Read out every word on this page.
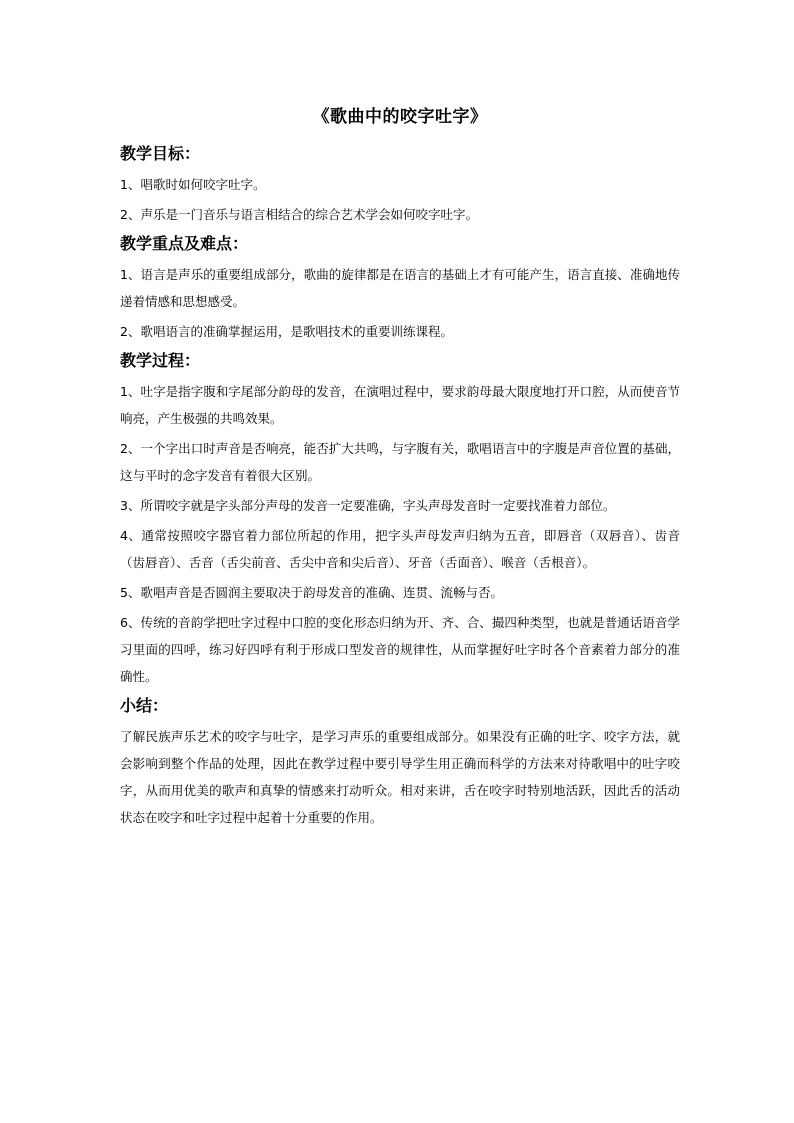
《歌曲中的咬字吐字》
教学目标：

1、唱歌时如何咬字吐字。

2、声乐是一门音乐与语言相结合的综合艺术学会如何咬字吐字。

教学重点及难点：

1、语言是声乐的重要组成部分，歌曲的旋律都是在语言的基础上才有可能产生，语言直接、准确地传递着情感和思想感受。

2、歌唱语言的准确掌握运用，是歌唱技术的重要训练课程。

教学过程：

1、吐字是指字腹和字尾部分韵母的发音，在演唱过程中，要求韵母最大限度地打开口腔，从而使音节响亮，产生极强的共鸣效果。

2、一个字出口时声音是否响亮，能否扩大共鸣，与字腹有关，歌唱语言中的字腹是声音位置的基础，这与平时的念字发音有着很大区别。

3、所谓咬字就是字头部分声母的发音一定要准确，字头声母发音时一定要找准着力部位。

4、通常按照咬字器官着力部位所起的作用，把字头声母发声归纳为五音，即唇音（双唇音）、齿音（齿唇音）、舌音（舌尖前音、舌尖中音和尖后音）、牙音（舌面音）、喉音（舌根音）。

5、歌唱声音是否圆润主要取决于韵母发音的准确、连贯、流畅与否。

6、传统的音韵学把吐字过程中口腔的变化形态归纳为开、齐、合、撮四种类型，也就是普通话语音学习里面的四呼，练习好四呼有利于形成口型发音的规律性，从而掌握好吐字时各个音素着力部分的准确性。

小结：

了解民族声乐艺术的咬字与吐字，是学习声乐的重要组成部分。如果没有正确的吐字、咬字方法，就会影响到整个作品的处理，因此在教学过程中要引导学生用正确而科学的方法来对待歌唱中的吐字咬字，从而用优美的歌声和真挚的情感来打动听众。相对来讲，舌在咬字时特别地活跃，因此舌的活动状态在咬字和吐字过程中起着十分重要的作用。
